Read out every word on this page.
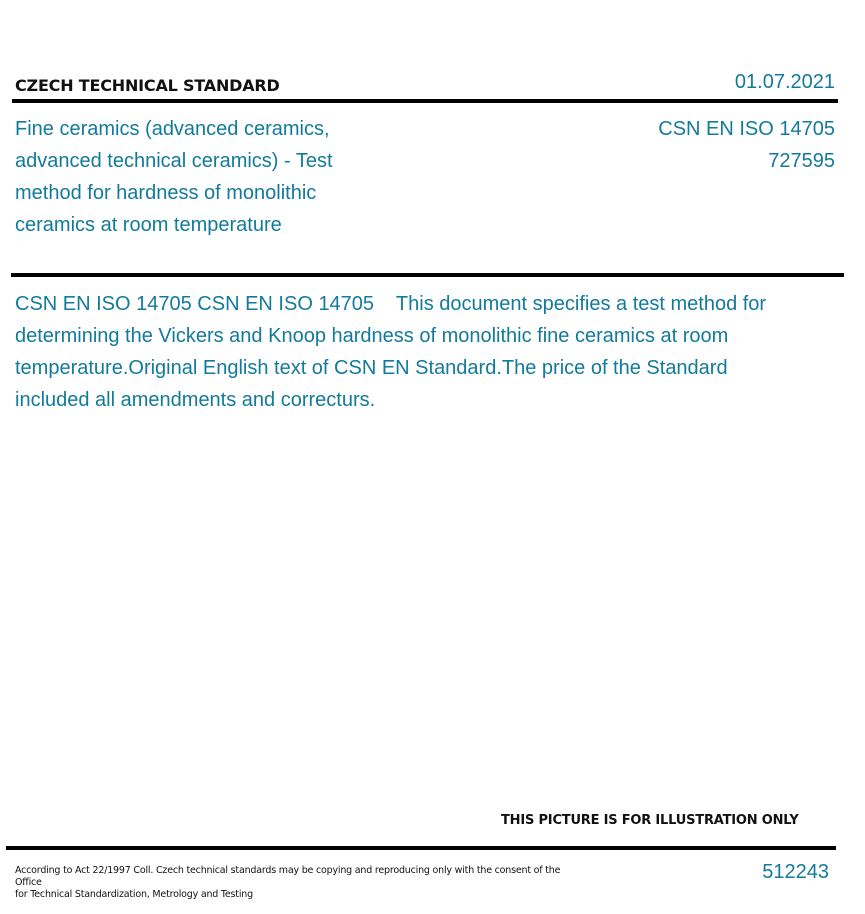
CZECH TECHNICAL STANDARD	01.07.2021
Fine ceramics (advanced ceramics, advanced technical ceramics) - Test method for hardness of monolithic ceramics at room temperature
CSN EN ISO 14705
727595

CSN EN ISO 14705 CSN EN ISO 14705    This document specifies a test method for determining the Vickers and Knoop hardness of monolithic fine ceramics at room temperature.Original English text of CSN EN Standard.The price of the Standard included all amendments and correcturs.

THIS PICTURE IS FOR ILLUSTRATION ONLY
According to Act 22/1997 Coll. Czech technical standards may be copying and reproducing only with the consent of the Office
for Technical Standardization, Metrology and Testing
512243
